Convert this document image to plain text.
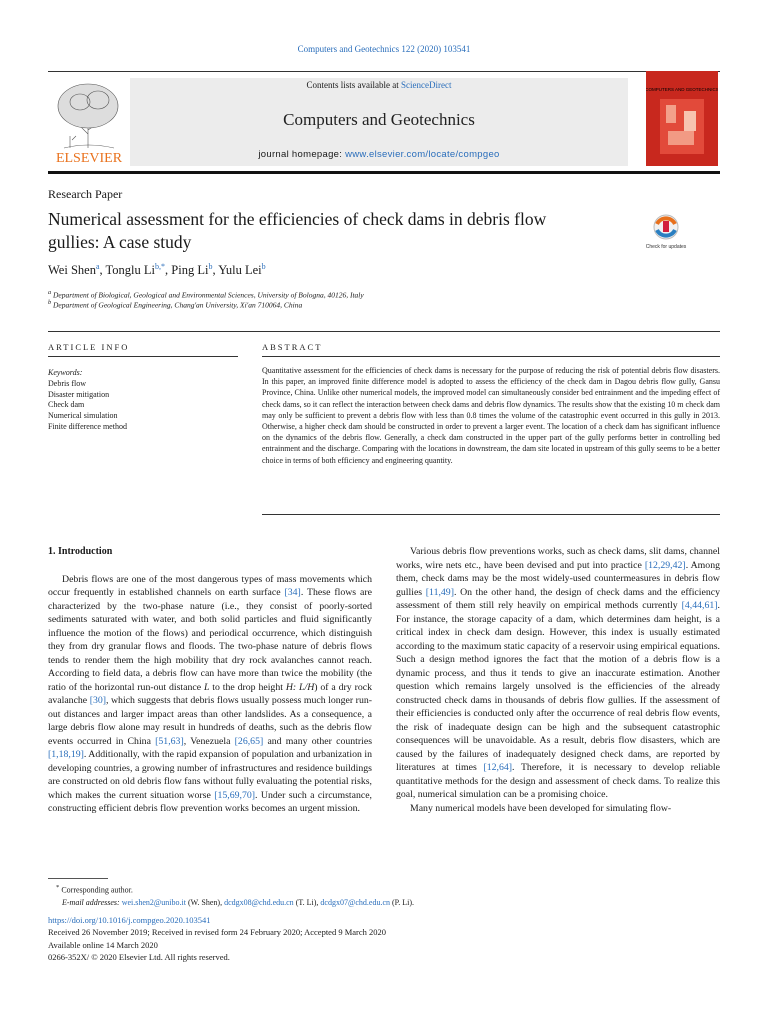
Computers and Geotechnics 122 (2020) 103541
ELSEVIER
Contents lists available at ScienceDirect
Computers and Geotechnics
journal homepage: www.elsevier.com/locate/compgeo
COMPUTERS AND GEOTECHNICS
Research Paper
Numerical assessment for the efficiencies of check dams in debris flow
gullies: A case study	Check for updates
Wei Shen$^a$, Tonglu $Li^{b,*}$, Ping Li$^b$, Yulu Lei$^b$
$^a$ Department of Biological, Geological and Environmental Sciences, University of Bologna, 40126, Italy
$^b$ Department of Geological Engineering, Chang'an University, Xi'an 710064, China
ARTICLE INFO	ABSTRACT
Keywords:
Debris flow
Disaster mitigation
Check dam
Numerical simulation
Finite difference method
Quantitative assessment for the efficiencies of check dams is necessary for the purpose of reducing the risk of potential debris flow disasters. In this paper, an improved finite difference model is adopted to assess the efficiency of the check dam in Dagou debris flow gully, Gansu Province, China. Unlike other numerical models, the improved model can simultaneously consider bed entrainment and the impeding effect of check dams, so it can reflect the interaction between check dams and debris flow dynamics. The results show that the existing 10 m check dam may only be sufficient to prevent a debris flow with less than 0.8 times the volume of the catastrophic event occurred in this gully in 2013. Otherwise, a higher check dam should be constructed in order to prevent a larger event. The location of a check dam has significant influence on the dynamics of the debris flow. Generally, a check dam constructed in the upper part of the gully performs better in controlling bed entrainment and the discharge. Comparing with the locations in downstream, the dam site located in upstream of this gully seems to be a better choice in terms of both efficiency and engineering quantity.

1. Introduction

Debris flows are one of the most dangerous types of mass movements which occur frequently in established channels on earth surface [34]. These flows are characterized by the two-phase nature (i.e., they consist of poorly-sorted sediments saturated with water, and both solid particles and fluid significantly influence the motion of the flows) and periodical occurrence, which distinguish they from dry granular flows and floods. The two-phase nature of debris flows tends to render them the high mobility that dry rock avalanches cannot reach. According to field data, a debris flow can have more than twice the mobility (the ratio of the horizontal run-out distance L to the drop height H: L/H) of a dry rock avalanche [30], which suggests that debris flows usually possess much longer run-out distances and larger impact areas than other landslides. As a consequence, a large debris flow alone may result in hundreds of deaths, such as the debris flow events occurred in China [51,63], Venezuela [26,65] and many other countries [1,18,19]. Additionally, with the rapid expansion of population and urbanization in developing countries, a growing number of infrastructures and residence buildings are constructed on old debris flow fans without fully evaluating the potential risks, which makes the current situation worse [15,69,70]. Under such a circumstance, constructing efficient debris flow prevention works becomes an urgent mission.

Various debris flow preventions works, such as check dams, slit dams, channel works, wire nets etc., have been devised and put into practice [12,29,42]. Among them, check dams may be the most widely-used countermeasures in debris flow gullies [11,49]. On the other hand, the design of check dams and the efficiency assessment of them still rely heavily on empirical methods currently [4,44,61]. For instance, the storage capacity of a dam, which determines dam height, is a critical index in check dam design. However, this index is usually estimated according to the maximum static capacity of a reservoir using empirical equations. Such a design method ignores the fact that the motion of a debris flow is a dynamic process, and thus it tends to give an inaccurate estimation. Another question which remains largely unsolved is the efficiencies of the already constructed check dams in thousands of debris flow gullies. If the assessment of their efficiencies is conducted only after the occurrence of real debris flow events, the risk of inadequate design can be high and the subsequent catastrophic consequences will be unavoidable. As a result, debris flow disasters, which are caused by the failures of inadequately designed check dams, are reported by literatures at times [12,64]. Therefore, it is necessary to develop reliable quantitative methods for the design and assessment of check dams. To realize this goal, numerical simulation can be a promising choice.

Many numerical models have been developed for simulating flow-

* Corresponding author.
E-mail addresses: wei.shen2@unibo.it (W. Shen), dcdgx08@chd.edu.cn (T. Li), dcdgx07@chd.edu.cn (P. Li).
https://doi.org/10.1016/j.compgeo.2020.103541
Received 26 November 2019; Received in revised form 24 February 2020; Accepted 9 March 2020
Available online 14 March 2020
0266-352X/ © 2020 Elsevier Ltd. All rights reserved.
